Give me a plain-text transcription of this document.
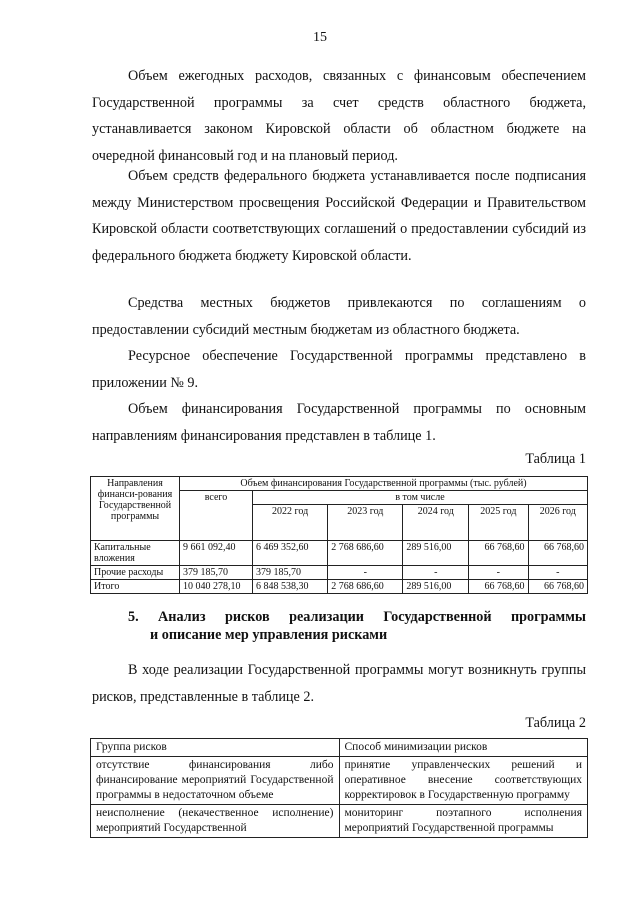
15

Объем ежегодных расходов, связанных с финансовым обеспечением Государственной программы за счет средств областного бюджета, устанавливается законом Кировской области об областном бюджете на очередной финансовый год и на плановый период.

Объем средств федерального бюджета устанавливается после подписания между Министерством просвещения Российской Федерации и Правительством Кировской области соответствующих соглашений о предоставлении субсидий из федерального бюджета бюджету Кировской области.

Средства местных бюджетов привлекаются по соглашениям о предоставлении субсидий местным бюджетам из областного бюджета.

Ресурсное обеспечение Государственной программы представлено в приложении № 9.

Объем финансирования Государственной программы по основным направлениям финансирования представлен в таблице 1.

Таблица 1
Направления финанси-рования Государственной программы	Объем финансирования Государственной программы (тыс. рублей)					
	всего	в том числе				
		2022 год	2023 год	2024 год	2025 год	2026 год
Капитальные вложения	9 661 092,40	6 469 352,60	2 768 686,60	289 516,00	66 768,60	66 768,60
Прочие расходы	379 185,70	379 185,70	-	-	-	-
Итого	10 040 278,10	6 848 538,30	2 768 686,60	289 516,00	66 768,60	66 768,60
5. Анализ рисков реализации Государственной программы
и описание мер управления рисками

В ходе реализации Государственной программы могут возникнуть группы рисков, представленные в таблице 2.

Таблица 2
Группа рисков	Способ минимизации рисков
отсутствие финансирования либо финансирование мероприятий Государственной программы в недостаточном объеме	принятие управленческих решений и оперативное внесение соответствующих корректировок в Государственную программу
неисполнение (некачественное исполнение) мероприятий Государственной	мониторинг поэтапного исполнения мероприятий Государственной программы
